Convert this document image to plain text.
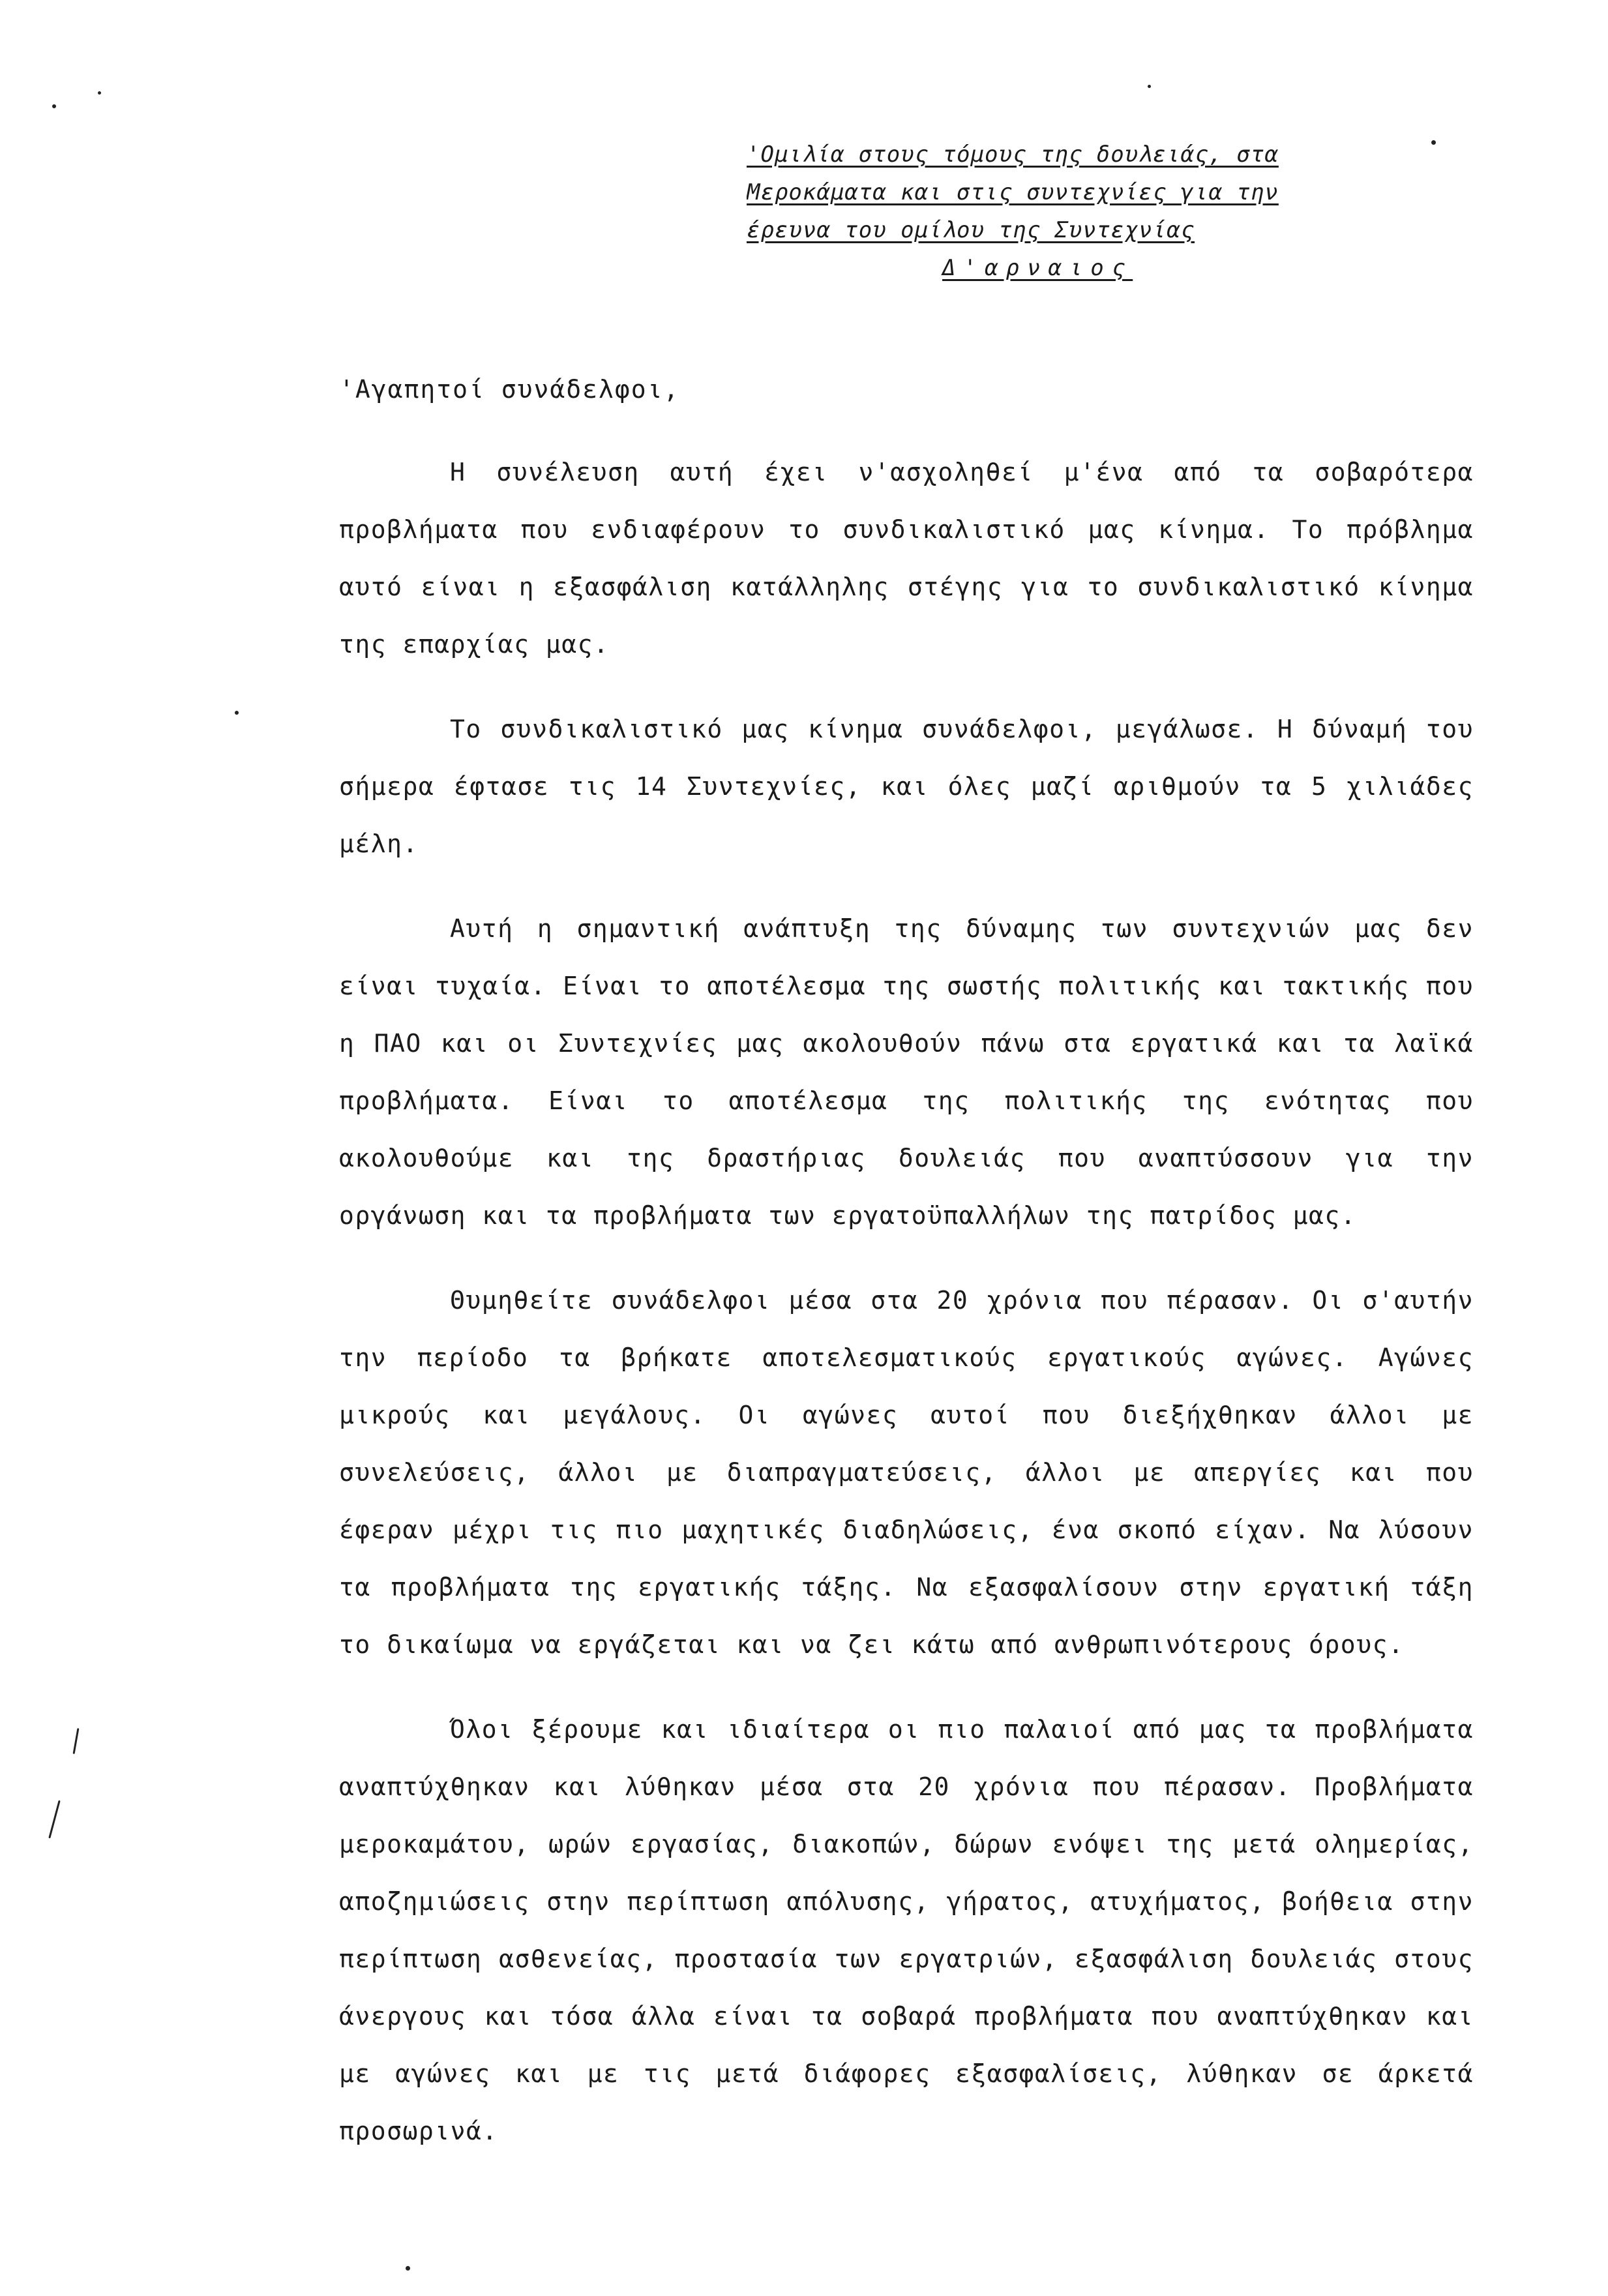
'Ομιλία στους τόμους της δουλειάς, στα
Μεροκάματα και στις συντεχνίες για την
έρευνα του ομίλου της Συντεχνίας
Δ'αρναιος
'Αγαπητοί συνάδελφοι,

Η συνέλευση αυτή έχει ν'ασχοληθεί μ'ένα από τα σοβαρότερα προβλήματα που ενδιαφέρουν το συνδικαλιστικό μας κίνημα. Το πρόβλημα αυτό είναι η εξασφάλιση κατάλληλης στέγης για το συνδικαλιστικό κίνημα της επαρχίας μας.

Το συνδικαλιστικό μας κίνημα συνάδελφοι, μεγάλωσε. Η δύναμή του σήμερα έφτασε τις 14 Συντεχνίες, και όλες μαζί αριθμούν τα 5 χιλιάδες μέλη.

Αυτή η σημαντική ανάπτυξη της δύναμης των συντεχνιών μας δεν είναι τυχαία. Είναι το αποτέλεσμα της σωστής πολιτικής και τακτικής που η ΠΑΟ και οι Συντεχνίες μας ακολουθούν πάνω στα εργατικά και τα λαϊκά προβλήματα. Είναι το αποτέλεσμα της πολιτικής της ενότητας που ακολουθούμε και της δραστήριας δουλειάς που αναπτύσσουν για την οργάνωση και τα προβλήματα των εργατοϋπαλλήλων της πατρίδος μας.

Θυμηθείτε συνάδελφοι μέσα στα 20 χρόνια που πέρασαν. Οι σ'αυτήν την περίοδο τα βρήκατε αποτελεσματικούς εργατικούς αγώνες. Αγώνες μικρούς και μεγάλους. Οι αγώνες αυτοί που διεξήχθηκαν άλλοι με συνελεύσεις, άλλοι με διαπραγματεύσεις, άλλοι με απεργίες και που έφεραν μέχρι τις πιο μαχητικές διαδηλώσεις, ένα σκοπό είχαν. Να λύσουν τα προβλήματα της εργατικής τάξης. Να εξασφαλίσουν στην εργατική τάξη το δικαίωμα να εργάζεται και να ζει κάτω από ανθρωπινότερους όρους.

Όλοι ξέρουμε και ιδιαίτερα οι πιο παλαιοί από μας τα προβλήματα αναπτύχθηκαν και λύθηκαν μέσα στα 20 χρόνια που πέρασαν. Προβλήματα μεροκαμάτου, ωρών εργασίας, διακοπών, δώρων ενόψει της μετά ολημερίας, αποζημιώσεις στην περίπτωση απόλυσης, γήρατος, ατυχήματος, βοήθεια στην περίπτωση ασθενείας, προστασία των εργατριών, εξασφάλιση δουλειάς στους άνεργους και τόσα άλλα είναι τα σοβαρά προβλήματα που αναπτύχθηκαν και με αγώνες και με τις μετά διάφορες εξασφαλίσεις, λύθηκαν σε άρκετά προσωρινά.
